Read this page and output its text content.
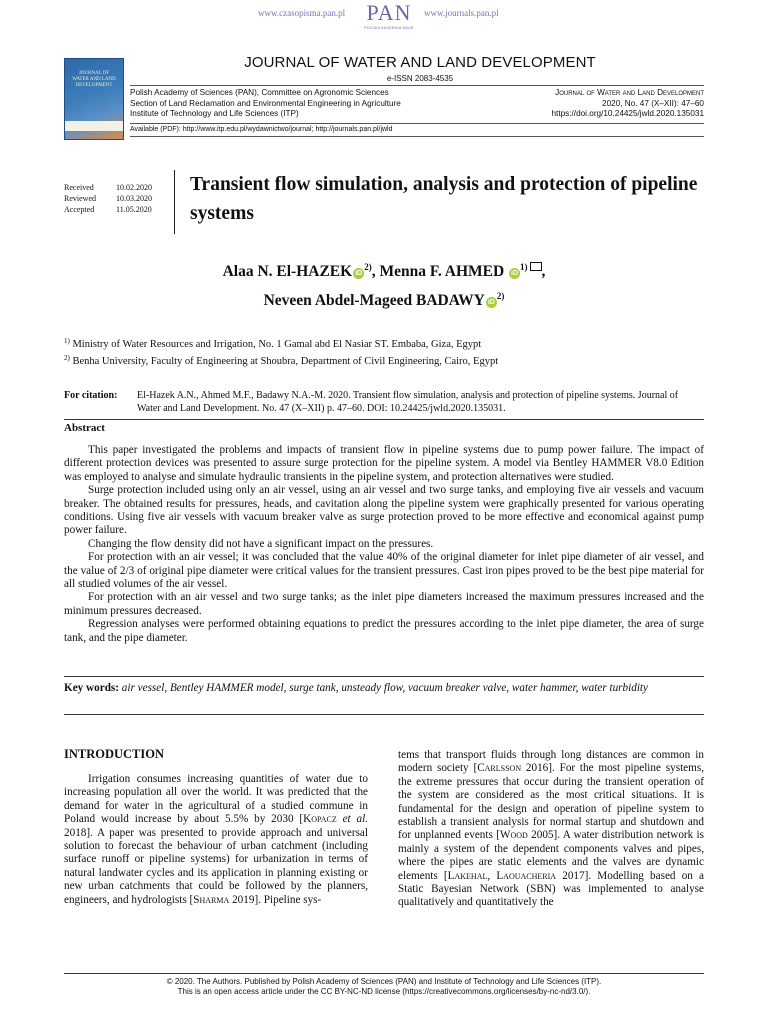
www.czasopisma.pan.pl PAN
POLSKA AKADEMIA NAUK
www.journals.pan.pl
JOURNAL OF WATER AND LAND DEVELOPMENT
JOURNAL OF WATER AND LAND DEVELOPMENT
e-ISSN 2083-4535
Polish Academy of Sciences (PAN), Committee on Agronomic Sciences
Section of Land Reclamation and Environmental Engineering in Agriculture
Institute of Technology and Life Sciences (ITP)
Journal of Water and Land Development
2020, No. 47 (X–XII): 47–60
https://doi.org/10.24425/jwld.2020.135031
Available (PDF): http://www.itp.edu.pl/wydawnictwo/journal; http://journals.pan.pl/jwld
Received	10.02.2020
Reviewed	10.03.2020
Accepted	11.05.2020
Transient flow simulation, analysis and protection of pipeline systems
Alaa N. El-HAZEK $iD^{2)}$, Menna F. AHMED $iD^{1)}$ ,
Neveen Abdel-Mageed BADAWY $iD^{2)}$
$^{1)}$ Ministry of Water Resources and Irrigation, No. 1 Gamal abd El Nasiar ST. Embaba, Giza, Egypt
$^{2)}$ Benha University, Faculty of Engineering at Shoubra, Department of Civil Engineering, Cairo, Egypt
For citation:	El-Hazek A.N., Ahmed M.F., Badawy N.A.-M. 2020. Transient flow simulation, analysis and protection of pipeline systems. Journal of Water and Land Development. No. 47 (X–XII) p. 47–60. DOI: 10.24425/jwld.2020.135031.
Abstract

This paper investigated the problems and impacts of transient flow in pipeline systems due to pump power failure. The impact of different protection devices was presented to assure surge protection for the pipeline system. A model via Bentley HAMMER V8.0 Edition was employed to analyse and simulate hydraulic transients in the pipeline system, and protection alternatives were studied.

Surge protection included using only an air vessel, using an air vessel and two surge tanks, and employing five air vessels and vacuum breaker. The obtained results for pressures, heads, and cavitation along the pipeline system were graphically presented for various operating conditions. Using five air vessels with vacuum breaker valve as surge protection proved to be more effective and economical against pump power failure.

Changing the flow density did not have a significant impact on the pressures.

For protection with an air vessel; it was concluded that the value 40% of the original diameter for inlet pipe diameter of air vessel, and the value of 2/3 of original pipe diameter were critical values for the transient pressures. Cast iron pipes proved to be the best pipe material for all studied volumes of the air vessel.

For protection with an air vessel and two surge tanks; as the inlet pipe diameters increased the maximum pressures increased and the minimum pressures decreased.

Regression analyses were performed obtaining equations to predict the pressures according to the inlet pipe diameter, the area of surge tank, and the pipe diameter.

Key words: air vessel, Bentley HAMMER model, surge tank, unsteady flow, vacuum breaker valve, water hammer, water turbidity
INTRODUCTION

Irrigation consumes increasing quantities of water due to increasing population all over the world. It was predicted that the demand for water in the agricultural of a studied commune in Poland would increase by about 5.5% by 2030 [Kopacz et al. 2018]. A paper was presented to provide approach and universal solution to forecast the behaviour of urban catchment (including surface runoff or pipeline systems) for urbanization in terms of natural landwater cycles and its application in planning existing or new urban catchments that could be followed by the planners, engineers, and hydrologists [Sharma 2019]. Pipeline sys-

tems that transport fluids through long distances are common in modern society [Carlsson 2016]. For the most pipeline systems, the extreme pressures that occur during the transient operation of the system are considered as the most critical situations. It is fundamental for the design and operation of pipeline system to establish a transient analysis for normal startup and shutdown and for unplanned events [Wood 2005]. A water distribution network is mainly a system of the dependent components valves and pipes, where the pipes are static elements and the valves are dynamic elements [Lakehal, Laouacheria 2017]. Modelling based on a Static Bayesian Network (SBN) was implemented to analyse qualitatively and quantitatively the
© 2020. The Authors. Published by Polish Academy of Sciences (PAN) and Institute of Technology and Life Sciences (ITP).
This is an open access article under the CC BY-NC-ND license (https://creativecommons.org/licenses/by-nc-nd/3.0/).
